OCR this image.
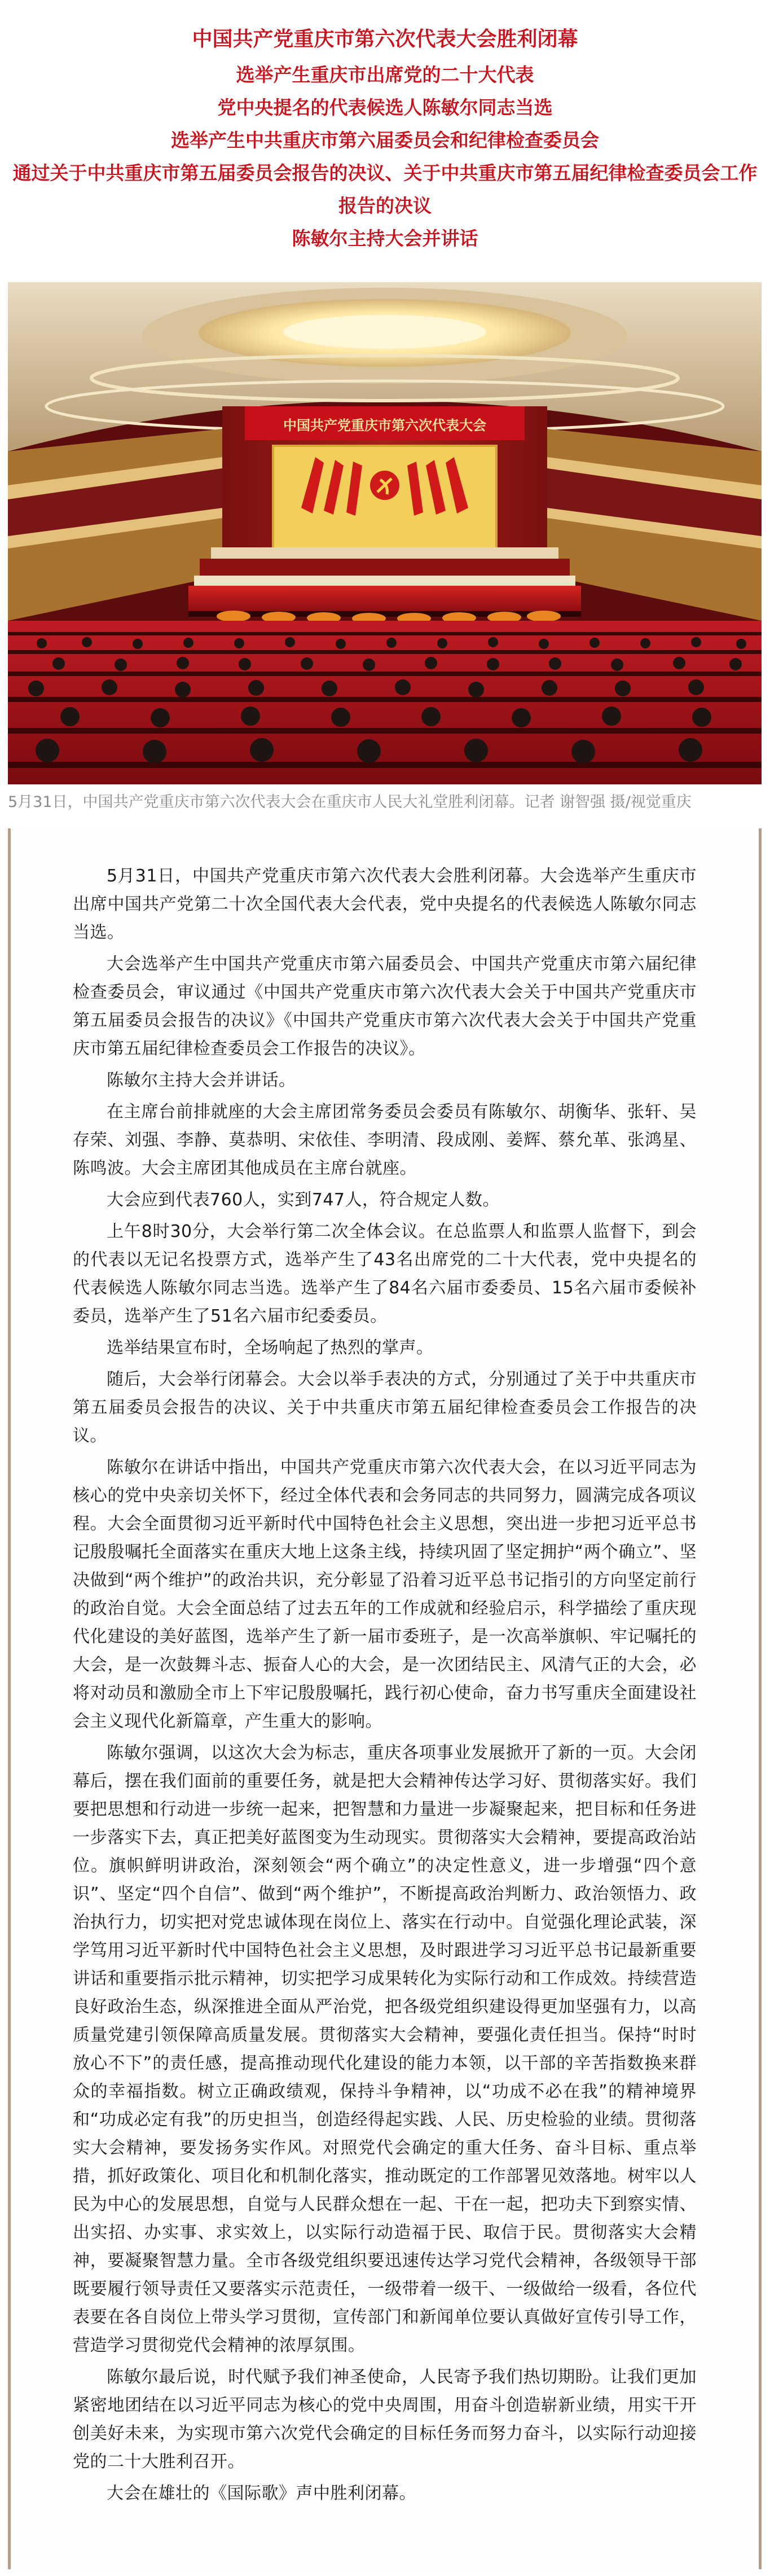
中国共产党重庆市第六次代表大会胜利闭幕
选举产生重庆市出席党的二十大代表
党中央提名的代表候选人陈敏尔同志当选
选举产生中共重庆市第六届委员会和纪律检查委员会
通过关于中共重庆市第五届委员会报告的决议、关于中共重庆市第五届纪律检查委员会工作报告的决议
陈敏尔主持大会并讲话
中国共产党重庆市第六次代表大会
5月31日，中国共产党重庆市第六次代表大会在重庆市人民大礼堂胜利闭幕。记者 谢智强 摄/视觉重庆

5月31日，中国共产党重庆市第六次代表大会胜利闭幕。大会选举产生重庆市出席中国共产党第二十次全国代表大会代表，党中央提名的代表候选人陈敏尔同志当选。

大会选举产生中国共产党重庆市第六届委员会、中国共产党重庆市第六届纪律检查委员会，审议通过《中国共产党重庆市第六次代表大会关于中国共产党重庆市第五届委员会报告的决议》《中国共产党重庆市第六次代表大会关于中国共产党重庆市第五届纪律检查委员会工作报告的决议》。

陈敏尔主持大会并讲话。

在主席台前排就座的大会主席团常务委员会委员有陈敏尔、胡衡华、张轩、吴存荣、刘强、李静、莫恭明、宋依佳、李明清、段成刚、姜辉、蔡允革、张鸿星、陈鸣波。大会主席团其他成员在主席台就座。

大会应到代表760人，实到747人，符合规定人数。

上午8时30分，大会举行第二次全体会议。在总监票人和监票人监督下，到会的代表以无记名投票方式，选举产生了43名出席党的二十大代表，党中央提名的代表候选人陈敏尔同志当选。选举产生了84名六届市委委员、15名六届市委候补委员，选举产生了51名六届市纪委委员。

选举结果宣布时，全场响起了热烈的掌声。

随后，大会举行闭幕会。大会以举手表决的方式，分别通过了关于中共重庆市第五届委员会报告的决议、关于中共重庆市第五届纪律检查委员会工作报告的决议。

陈敏尔在讲话中指出，中国共产党重庆市第六次代表大会，在以习近平同志为核心的党中央亲切关怀下，经过全体代表和会务同志的共同努力，圆满完成各项议程。大会全面贯彻习近平新时代中国特色社会主义思想，突出进一步把习近平总书记殷殷嘱托全面落实在重庆大地上这条主线，持续巩固了坚定拥护“两个确立”、坚决做到“两个维护”的政治共识，充分彰显了沿着习近平总书记指引的方向坚定前行的政治自觉。大会全面总结了过去五年的工作成就和经验启示，科学描绘了重庆现代化建设的美好蓝图，选举产生了新一届市委班子，是一次高举旗帜、牢记嘱托的大会，是一次鼓舞斗志、振奋人心的大会，是一次团结民主、风清气正的大会，必将对动员和激励全市上下牢记殷殷嘱托，践行初心使命，奋力书写重庆全面建设社会主义现代化新篇章，产生重大的影响。

陈敏尔强调，以这次大会为标志，重庆各项事业发展掀开了新的一页。大会闭幕后，摆在我们面前的重要任务，就是把大会精神传达学习好、贯彻落实好。我们要把思想和行动进一步统一起来，把智慧和力量进一步凝聚起来，把目标和任务进一步落实下去，真正把美好蓝图变为生动现实。贯彻落实大会精神，要提高政治站位。旗帜鲜明讲政治，深刻领会“两个确立”的决定性意义，进一步增强“四个意识”、坚定“四个自信”、做到“两个维护”，不断提高政治判断力、政治领悟力、政治执行力，切实把对党忠诚体现在岗位上、落实在行动中。自觉强化理论武装，深学笃用习近平新时代中国特色社会主义思想，及时跟进学习习近平总书记最新重要讲话和重要指示批示精神，切实把学习成果转化为实际行动和工作成效。持续营造良好政治生态，纵深推进全面从严治党，把各级党组织建设得更加坚强有力，以高质量党建引领保障高质量发展。贯彻落实大会精神，要强化责任担当。保持“时时放心不下”的责任感，提高推动现代化建设的能力本领，以干部的辛苦指数换来群众的幸福指数。树立正确政绩观，保持斗争精神，以“功成不必在我”的精神境界和“功成必定有我”的历史担当，创造经得起实践、人民、历史检验的业绩。贯彻落实大会精神，要发扬务实作风。对照党代会确定的重大任务、奋斗目标、重点举措，抓好政策化、项目化和机制化落实，推动既定的工作部署见效落地。树牢以人民为中心的发展思想，自觉与人民群众想在一起、干在一起，把功夫下到察实情、出实招、办实事、求实效上，以实际行动造福于民、取信于民。贯彻落实大会精神，要凝聚智慧力量。全市各级党组织要迅速传达学习党代会精神，各级领导干部既要履行领导责任又要落实示范责任，一级带着一级干、一级做给一级看，各位代表要在各自岗位上带头学习贯彻，宣传部门和新闻单位要认真做好宣传引导工作，营造学习贯彻党代会精神的浓厚氛围。

陈敏尔最后说，时代赋予我们神圣使命，人民寄予我们热切期盼。让我们更加紧密地团结在以习近平同志为核心的党中央周围，用奋斗创造崭新业绩，用实干开创美好未来，为实现市第六次党代会确定的目标任务而努力奋斗，以实际行动迎接党的二十大胜利召开。

大会在雄壮的《国际歌》声中胜利闭幕。
